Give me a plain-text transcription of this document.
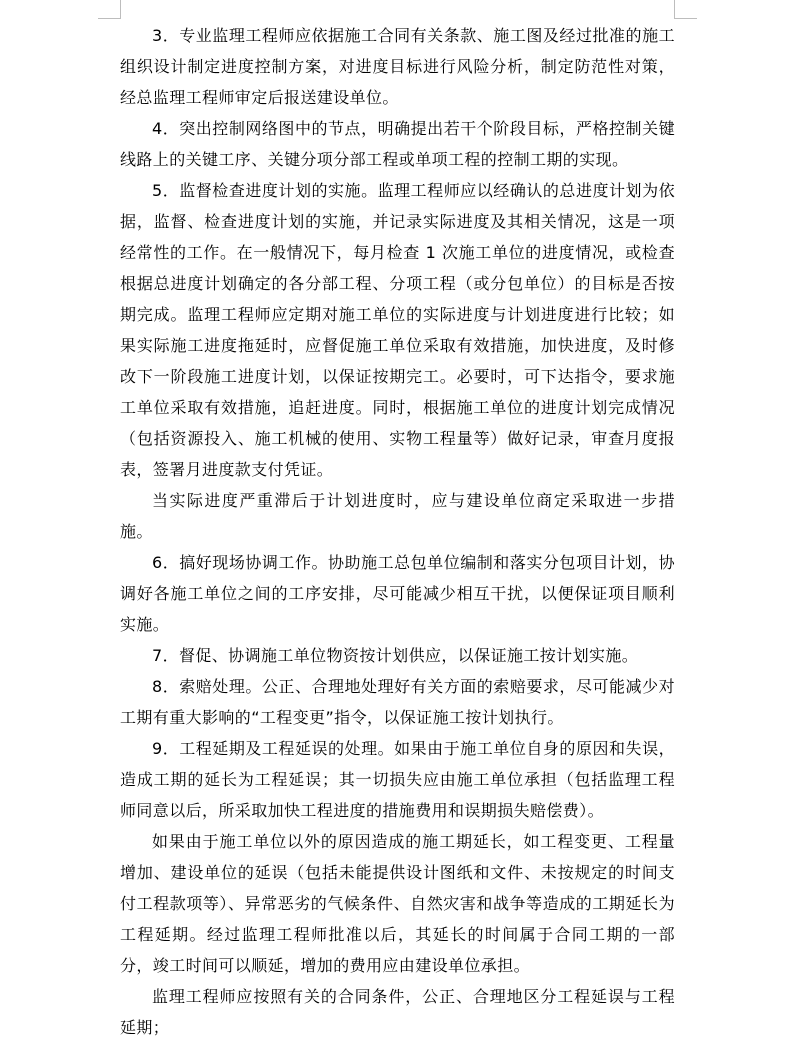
3．专业监理工程师应依据施工合同有关条款、施工图及经过批准的施工组织设计制定进度控制方案，对进度目标进行风险分析，制定防范性对策，经总监理工程师审定后报送建设单位。

4．突出控制网络图中的节点，明确提出若干个阶段目标，严格控制关键线路上的关键工序、关键分项分部工程或单项工程的控制工期的实现。

5．监督检查进度计划的实施。监理工程师应以经确认的总进度计划为依据，监督、检查进度计划的实施，并记录实际进度及其相关情况，这是一项经常性的工作。在一般情况下，每月检查 1 次施工单位的进度情况，或检查根据总进度计划确定的各分部工程、分项工程（或分包单位）的目标是否按期完成。监理工程师应定期对施工单位的实际进度与计划进度进行比较；如果实际施工进度拖延时，应督促施工单位采取有效措施，加快进度，及时修改下一阶段施工进度计划，以保证按期完工。必要时，可下达指令，要求施工单位采取有效措施，追赶进度。同时，根据施工单位的进度计划完成情况（包括资源投入、施工机械的使用、实物工程量等）做好记录，审查月度报表，签署月进度款支付凭证。

当实际进度严重滞后于计划进度时，应与建设单位商定采取进一步措施。

6．搞好现场协调工作。协助施工总包单位编制和落实分包项目计划，协调好各施工单位之间的工序安排，尽可能减少相互干扰，以便保证项目顺利实施。

7．督促、协调施工单位物资按计划供应，以保证施工按计划实施。

8．索赔处理。公正、合理地处理好有关方面的索赔要求，尽可能减少对工期有重大影响的“工程变更”指令，以保证施工按计划执行。

9．工程延期及工程延误的处理。如果由于施工单位自身的原因和失误，造成工期的延长为工程延误；其一切损失应由施工单位承担（包括监理工程师同意以后，所采取加快工程进度的措施费用和误期损失赔偿费）。

如果由于施工单位以外的原因造成的施工期延长，如工程变更、工程量增加、建设单位的延误（包括未能提供设计图纸和文件、未按规定的时间支付工程款项等）、异常恶劣的气候条件、自然灾害和战争等造成的工期延长为工程延期。经过监理工程师批准以后，其延长的时间属于合同工期的一部分，竣工时间可以顺延，增加的费用应由建设单位承担。

监理工程师应按照有关的合同条件，公正、合理地区分工程延误与工程延期；
